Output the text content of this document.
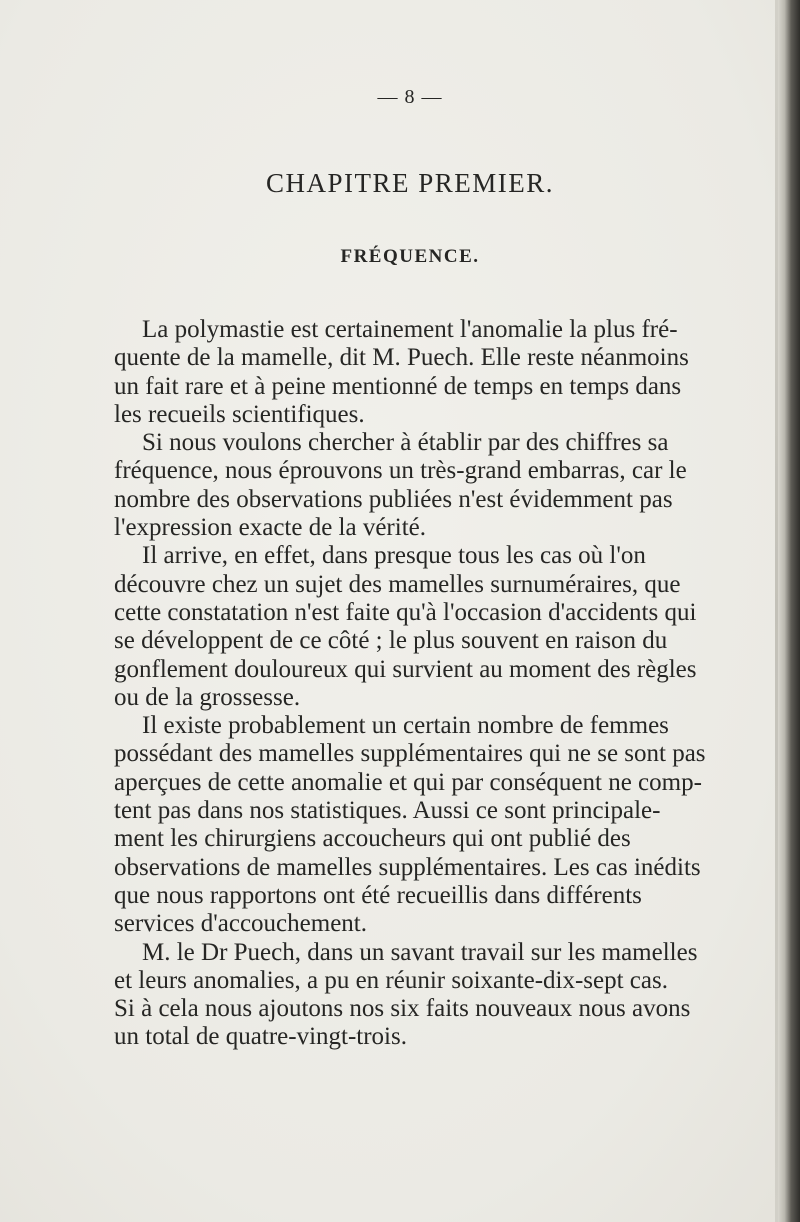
— 8 —
CHAPITRE PREMIER.
FRÉQUENCE.
La polymastie est certainement l'anomalie la plus fré-
quente de la mamelle, dit M. Puech. Elle reste néanmoins
un fait rare et à peine mentionné de temps en temps dans
les recueils scientifiques.
Si nous voulons chercher à établir par des chiffres sa
fréquence, nous éprouvons un très-grand embarras, car le
nombre des observations publiées n'est évidemment pas
l'expression exacte de la vérité.
Il arrive, en effet, dans presque tous les cas où l'on
découvre chez un sujet des mamelles surnuméraires, que
cette constatation n'est faite qu'à l'occasion d'accidents qui
se développent de ce côté ; le plus souvent en raison du
gonflement douloureux qui survient au moment des règles
ou de la grossesse.
Il existe probablement un certain nombre de femmes
possédant des mamelles supplémentaires qui ne se sont pas
aperçues de cette anomalie et qui par conséquent ne comp-
tent pas dans nos statistiques. Aussi ce sont principale-
ment les chirurgiens accoucheurs qui ont publié des
observations de mamelles supplémentaires. Les cas inédits
que nous rapportons ont été recueillis dans différents
services d'accouchement.
M. le Dr Puech, dans un savant travail sur les mamelles
et leurs anomalies, a pu en réunir soixante-dix-sept cas.
Si à cela nous ajoutons nos six faits nouveaux nous avons
un total de quatre-vingt-trois.
